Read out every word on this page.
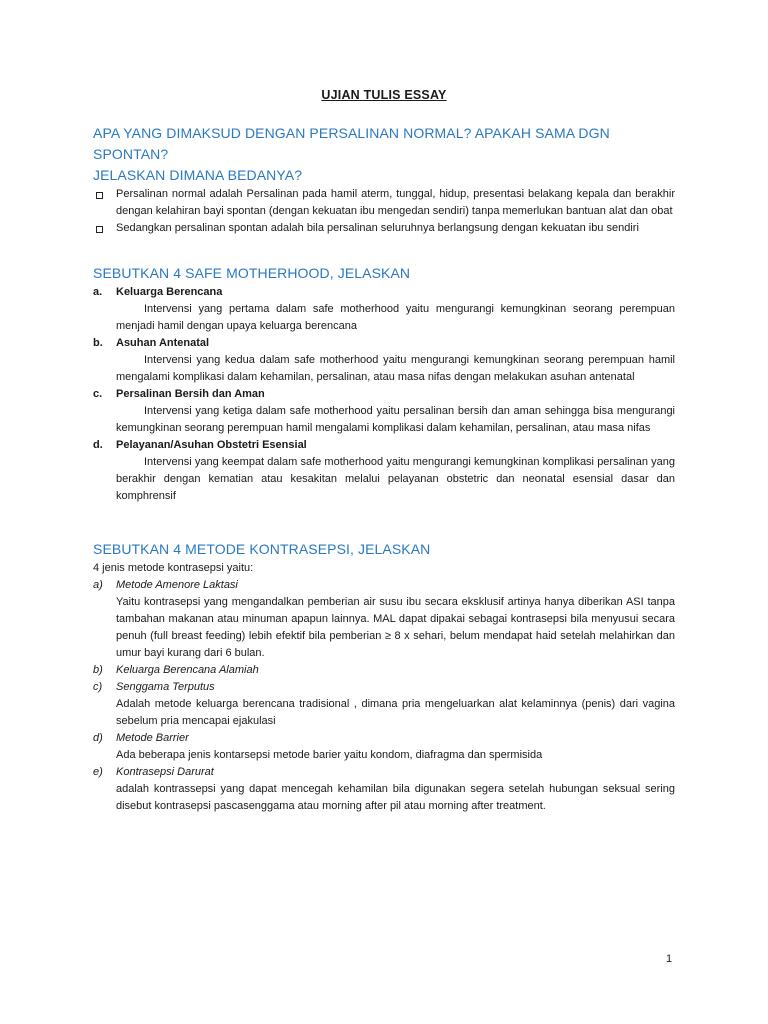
UJIAN TULIS ESSAY

APA YANG DIMAKSUD DENGAN PERSALINAN NORMAL? APAKAH SAMA DGN SPONTAN?

JELASKAN DIMANA BEDANYA?

Persalinan normal adalah Persalinan pada hamil aterm, tunggal, hidup, presentasi belakang kepala dan berakhir dengan kelahiran bayi spontan (dengan kekuatan ibu mengedan sendiri) tanpa memerlukan bantuan alat dan obat
Sedangkan persalinan spontan adalah bila persalinan seluruhnya berlangsung dengan kekuatan ibu sendiri

SEBUTKAN 4 SAFE MOTHERHOOD, JELASKAN

a.	Keluarga Berencana
Intervensi yang pertama dalam safe motherhood yaitu mengurangi kemungkinan seorang perempuan menjadi hamil dengan upaya keluarga berencana
b.	Asuhan Antenatal
Intervensi yang kedua dalam safe motherhood yaitu mengurangi kemungkinan seorang perempuan hamil mengalami komplikasi dalam kehamilan, persalinan, atau masa nifas dengan melakukan asuhan antenatal
c.	Persalinan Bersih dan Aman
Intervensi yang ketiga dalam safe motherhood yaitu persalinan bersih dan aman sehingga bisa mengurangi kemungkinan seorang perempuan hamil mengalami komplikasi dalam kehamilan, persalinan, atau masa nifas
d.	Pelayanan/Asuhan Obstetri Esensial
Intervensi yang keempat dalam safe motherhood yaitu mengurangi kemungkinan komplikasi persalinan yang berakhir dengan kematian atau kesakitan melalui pelayanan obstetric dan neonatal esensial dasar dan komphrensif

SEBUTKAN 4 METODE KONTRASEPSI, JELASKAN

4 jenis metode kontrasepsi yaitu:
a)	Metode Amenore Laktasi
Yaitu kontrasepsi yang mengandalkan pemberian air susu ibu secara eksklusif artinya hanya diberikan ASI tanpa tambahan makanan atau minuman apapun lainnya. MAL dapat dipakai sebagai kontrasepsi bila menyusui secara penuh (full breast feeding) lebih efektif bila pemberian ≥ 8 x sehari, belum mendapat haid setelah melahirkan dan umur bayi kurang dari 6 bulan.
b)	Keluarga Berencana Alamiah
c)	Senggama Terputus
Adalah metode keluarga berencana tradisional , dimana pria mengeluarkan alat kelaminnya (penis) dari vagina sebelum pria mencapai ejakulasi
d)	Metode Barrier
Ada beberapa jenis kontarsepsi metode barier yaitu kondom, diafragma dan spermisida
e)	Kontrasepsi Darurat
adalah kontrassepsi yang dapat mencegah kehamilan bila digunakan segera setelah hubungan seksual sering disebut kontrasepsi pascasenggama atau morning after pil atau morning after treatment.
1
